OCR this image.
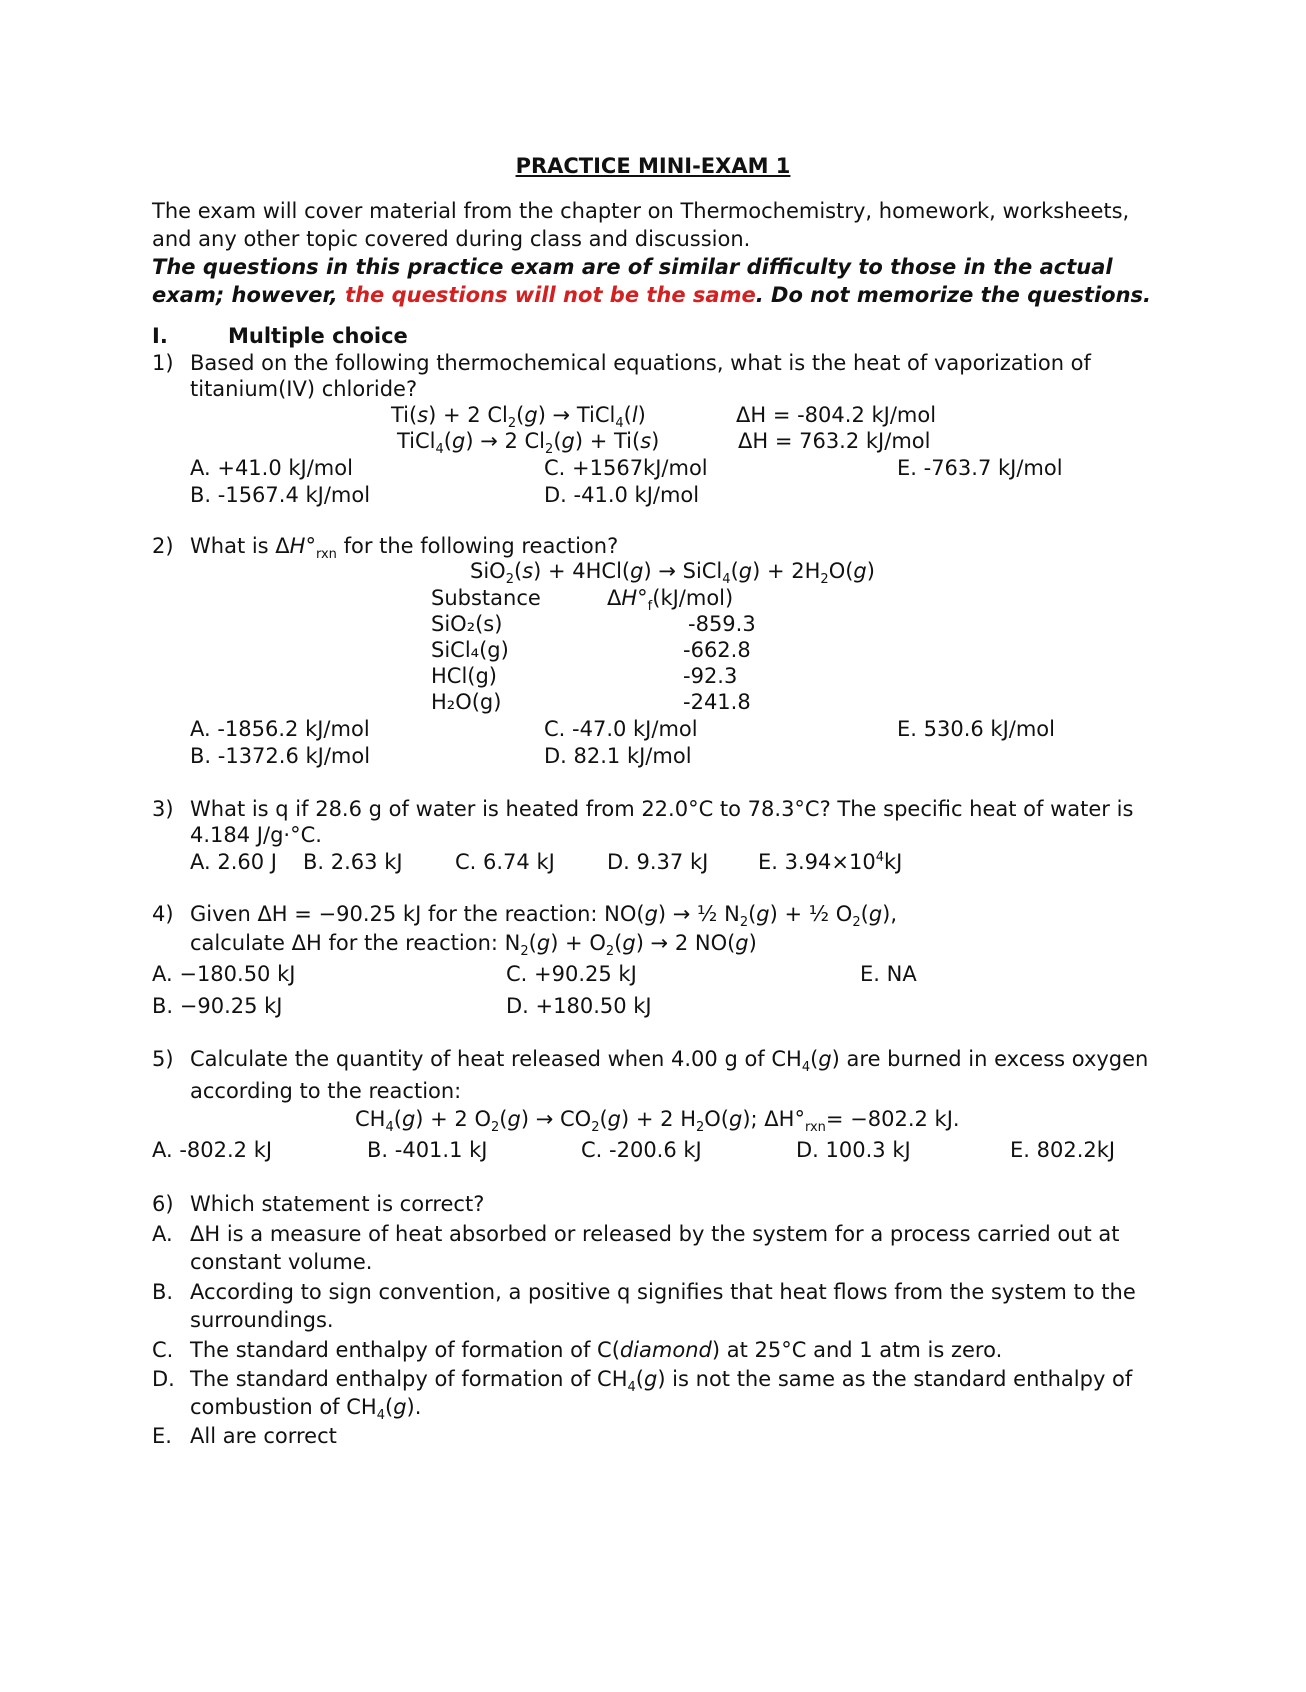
PRACTICE MINI-EXAM 1
The exam will cover material from the chapter on Thermochemistry, homework, worksheets, and any other topic covered during class and discussion.
The questions in this practice exam are of similar difficulty to those in the actual exam; however, the questions will not be the same. Do not memorize the questions.
I.	Multiple choice
1) Based on the following thermochemical equations, what is the heat of vaporization of
titanium(IV) chloride?
Ti(s) + 2 $Cl_2(g)$ → TiCl$_4$(l)	ΔH = -804.2 kJ/mol
TiCl$_4$(g) → 2 $Cl_2(g) + Ti(s)$	ΔH = 763.2 kJ/mol
A. +41.0 kJ/mol	C. +1567kJ/mol	E. -763.7 kJ/mol
B. -1567.4 kJ/mol	D. -41.0 kJ/mol
2) What is $\Delta H^\circ_{rxn}$ for the following reaction?
SiO$_2$(s) + 4HCl(g) → SiCl$_4$(g) + $2H_2O(g)$
Substance	$\Delta H^\circ_f(kJ/mol)$
SiO₂(s)	-859.3
SiCl₄(g)	-662.8
HCl(g)	-92.3
H₂O(g)	-241.8
A. -1856.2 kJ/mol	C. -47.0 kJ/mol	E. 530.6 kJ/mol
B. -1372.6 kJ/mol	D. 82.1 kJ/mol
3) What is q if 28.6 g of water is heated from 22.0°C to 78.3°C? The specific heat of water is
4.184 J/g·°C.
A. 2.60 J B. 2.63 kJ C. 6.74 kJ D. 9.37 kJ E. $3.94\times 10^4kJ$
4) Given ΔH = −90.25 kJ for the reaction: NO(g) → ½ $N_2(g)$ + ½ $O_2(g)$,
calculate ΔH for the reaction: $N_2(g) + O_2(g) \to 2$ NO(g)
A. −180.50 kJ	C. +90.25 kJ	E. NA
B. −90.25 kJ	D. +180.50 kJ
5) Calculate the quantity of heat released when 4.00 g of $CH_4(g)$ are burned in excess oxygen
according to the reaction:
$CH_4(g) + 2$ $O_2(g) \to CO_2(g) + 2$ $H_2O(g)$; $\Delta H^\circ_{rxn}= -802.2$ kJ.
A. -802.2 kJ	B. -401.1 kJ	C. -200.6 kJ	D. 100.3 kJ	E. 802.2kJ
6) Which statement is correct?
A. ΔH is a measure of heat absorbed or released by the system for a process carried out at
constant volume.
B. According to sign convention, a positive q signifies that heat flows from the system to the
surroundings.
C. The standard enthalpy of formation of C(diamond) at 25°C and 1 atm is zero.
D. The standard enthalpy of formation of $CH_4(g)$ is not the same as the standard enthalpy of
combustion of $CH_4(g)$.
E. All are correct
